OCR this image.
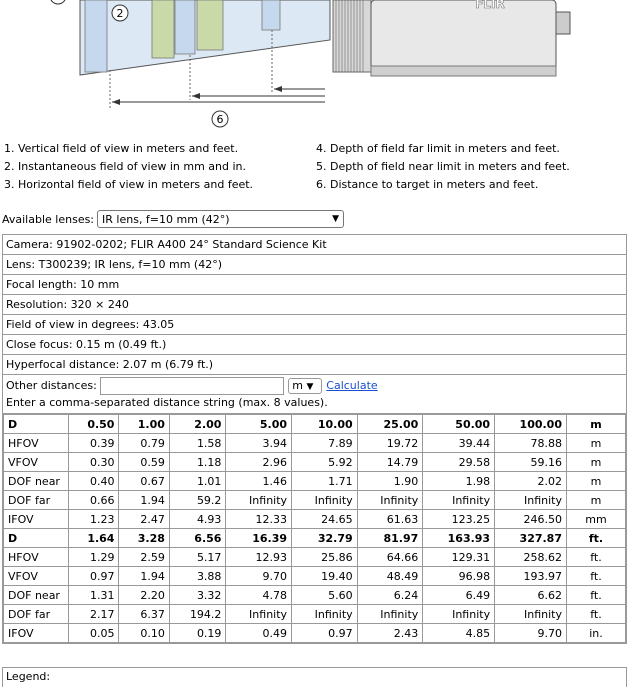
2
6
FLIR
1. Vertical field of view in meters and feet.
2. Instantaneous field of view in mm and in.
3. Horizontal field of view in meters and feet.
4. Depth of field far limit in meters and feet.
5. Depth of field near limit in meters and feet.
6. Distance to target in meters and feet.
Available lenses: IR lens, f=10 mm (42°)	▼
Camera: 91902-0202; FLIR A400 24° Standard Science Kit
Lens: T300239; IR lens, f=10 mm (42°)
Focal length: 10 mm
Resolution: 320 × 240
Field of view in degrees: 43.05
Close focus: 0.15 m (0.49 ft.)
Hyperfocal distance: 2.07 m (6.79 ft.)
Other distances:	m ▼ Calculate
Enter a comma-separated distance string (max. 8 values).

D	0.50	1.00	2.00	5.00	10.00	25.00	50.00	100.00	m
HFOV	0.39	0.79	1.58	3.94	7.89	19.72	39.44	78.88	m
VFOV	0.30	0.59	1.18	2.96	5.92	14.79	29.58	59.16	m
DOF near	0.40	0.67	1.01	1.46	1.71	1.90	1.98	2.02	m
DOF far	0.66	1.94	59.2	Infinity	Infinity	Infinity	Infinity	Infinity	m
IFOV	1.23	2.47	4.93	12.33	24.65	61.63	123.25	246.50	mm
D	1.64	3.28	6.56	16.39	32.79	81.97	163.93	327.87	ft.
HFOV	1.29	2.59	5.17	12.93	25.86	64.66	129.31	258.62	ft.
VFOV	0.97	1.94	3.88	9.70	19.40	48.49	96.98	193.97	ft.
DOF near	1.31	2.20	3.32	4.78	5.60	6.24	6.49	6.62	ft.
DOF far	2.17	6.37	194.2	Infinity	Infinity	Infinity	Infinity	Infinity	ft.
IFOV	0.05	0.10	0.19	0.49	0.97	2.43	4.85	9.70	in.
Legend:
